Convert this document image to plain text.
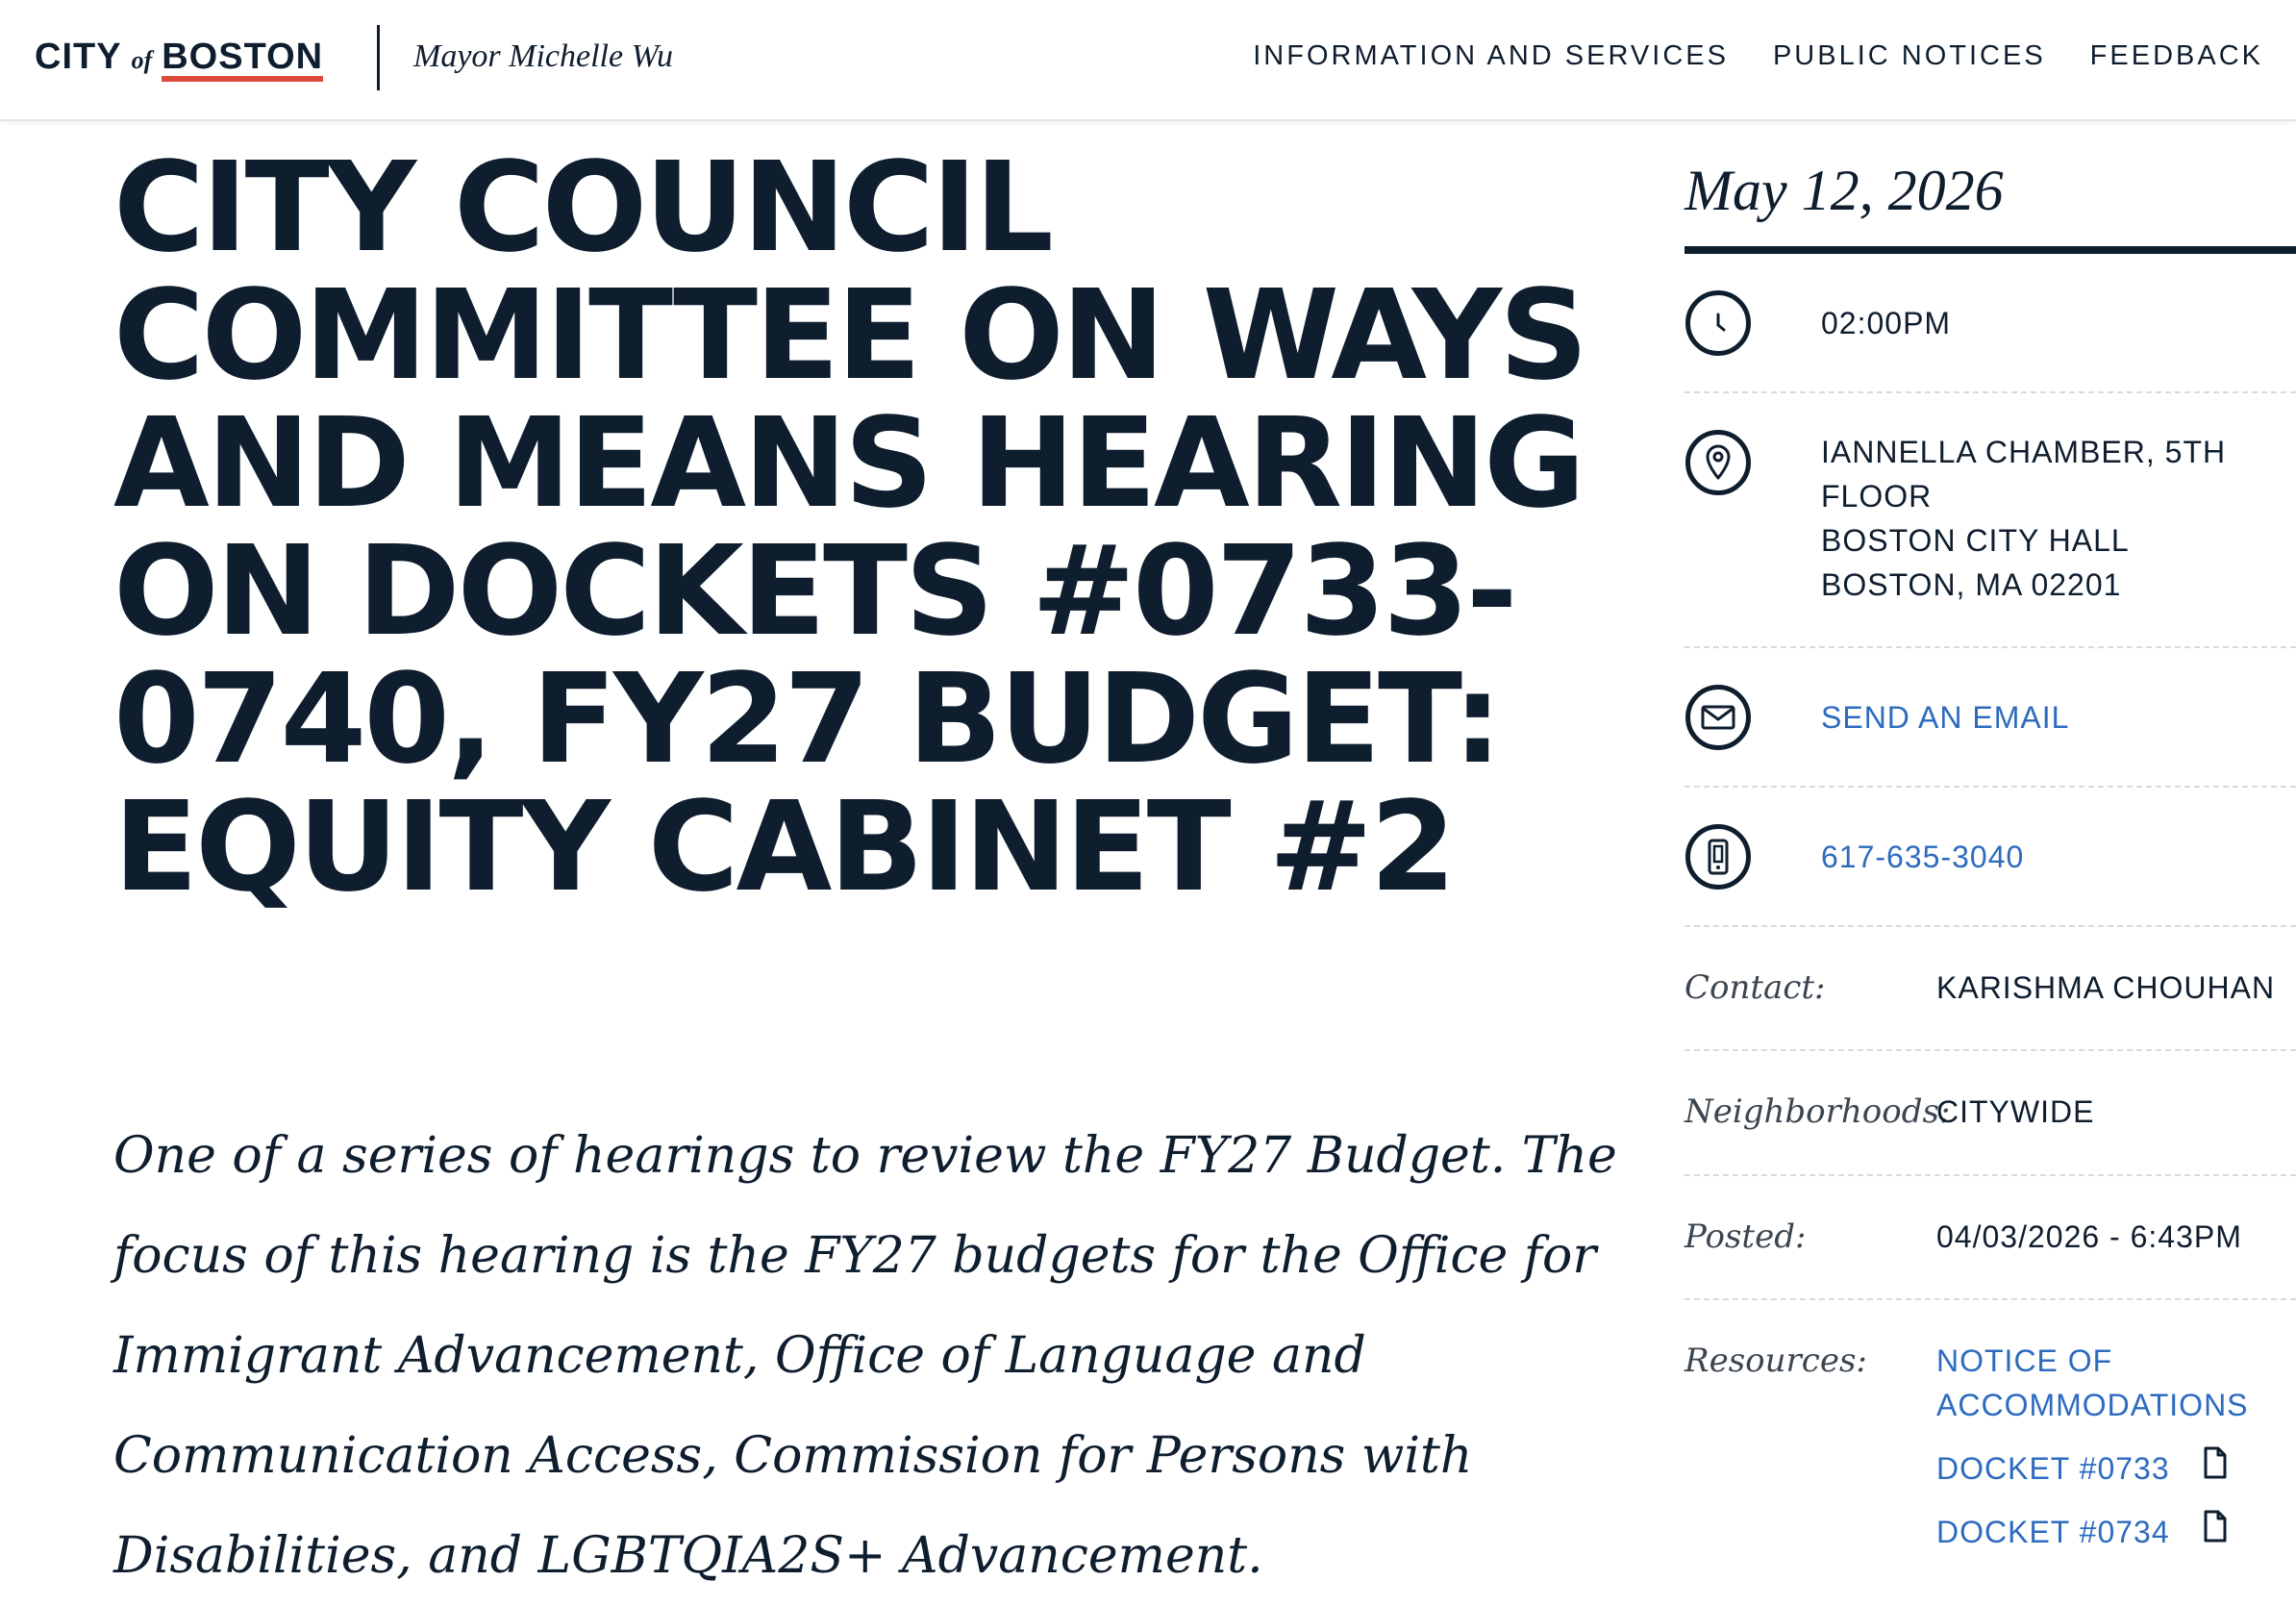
CITY of BOSTON	Mayor Michelle Wu	INFORMATION AND SERVICES PUBLIC NOTICES FEEDBACK
CITY COUNCIL COMMITTEE ON WAYS AND MEANS HEARING ON DOCKETS #0733-0740, FY27 BUDGET: EQUITY CABINET #2

One of a series of hearings to review the FY27 Budget. The focus of this hearing is the FY27 budgets for the Office for Immigrant Advancement, Office of Language and Communication Access, Commission for Persons with Disabilities, and LGBTQIA2S+ Advancement.

May 12, 2026
02:00PM
IANNELLA CHAMBER, 5TH
FLOOR
BOSTON CITY HALL
BOSTON, MA 02201
SEND AN EMAIL
617-635-3040
Contact:	KARISHMA CHOUHAN
Neighborhoods:
CITYWIDE
Posted:	04/03/2026 - 6:43PM
Resources: NOTICE OF
ACCOMMODATIONS
DOCKET #0733
DOCKET #0734
